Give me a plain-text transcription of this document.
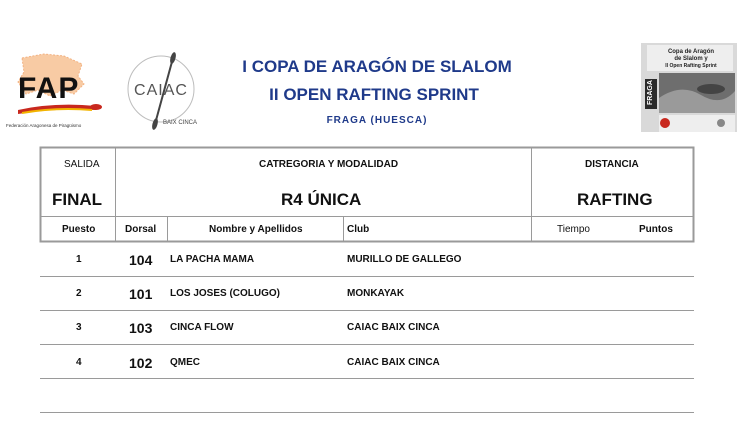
FAP
Federación Aragonesa de Piragüismo
CAIAC
BAIX CINCA
I COPA DE ARAGÓN DE SLALOM
II OPEN RAFTING SPRINT
FRAGA (HUESCA)
Copa de Aragón
de Slalom y
II Open Rafting Sprint
FRAGA
SALIDA
FINAL
CATREGORIA Y MODALIDAD
R4 ÚNICA
DISTANCIA
RAFTING
Puesto	Dorsal	Nombre y Apellidos	Club	Tiempo	Puntos
1	104 LA PACHA MAMA	MURILLO DE GALLEGO
2	101 LOS JOSES (COLUGO)	MONKAYAK
3	103 CINCA FLOW	CAIAC BAIX CINCA
4	102 QMEC	CAIAC BAIX CINCA
